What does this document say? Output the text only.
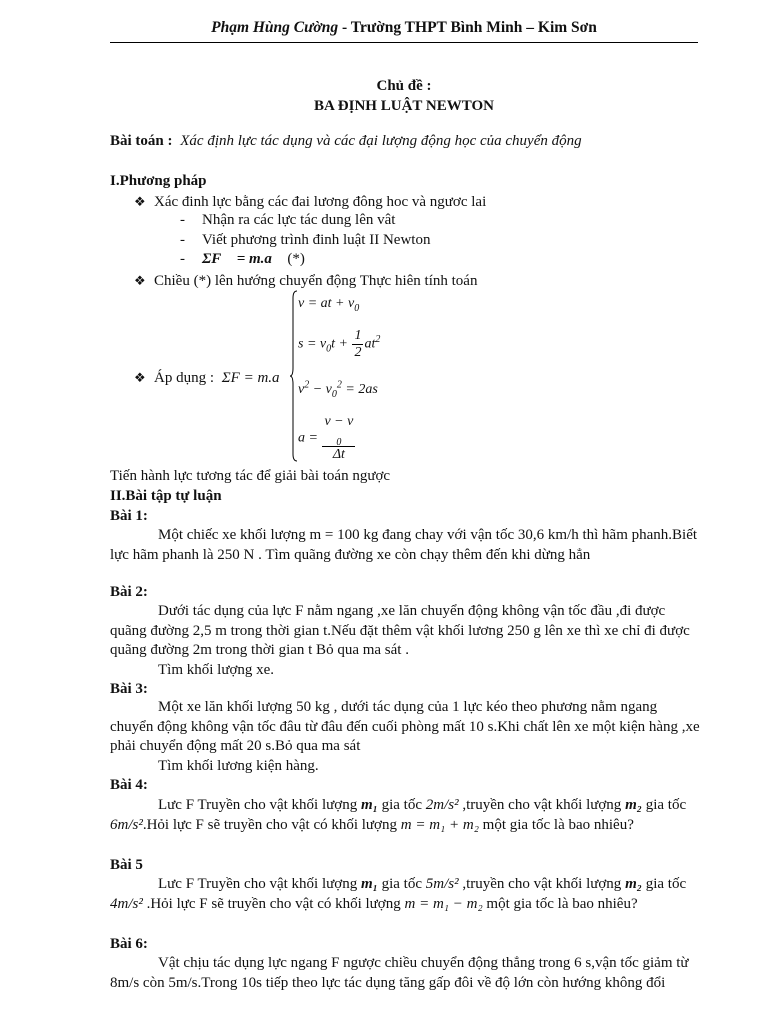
Phạm Hùng Cường - Trường THPT Bình Minh – Kim Sơn
Chủ đề :
BA ĐỊNH LUẬT NEWTON
Bài toán : Xác định lực tác dụng và các đại lượng động học của chuyển động
I.Phương pháp
❖ Xác đinh lực bằng các đai lương đông hoc và ngươc lai
- Nhận ra các lực tác dung lên vât
- Viết phương trình đinh luật II Newton
- ΣF⃗ = m.a⃗ (*)
❖ Chiều (*) lên hướng chuyển động Thực hiên tính toán
❖ Áp dụng : ΣF = m.a
v = at + $v_0$
$s = v_0t + \frac{1}{2} at^2$
$v^2 - v_0^2 = 2as$
a = v − v
$_0$
Δt
Tiến hành lực tương tác để giải bài toán ngược
II.Bài tập tự luận
Bài 1:
Một chiếc xe khối lượng m = 100 kg đang chay với vận tốc 30,6 km/h thì hãm phanh.Biết lực hãm phanh là 250 N . Tìm quãng đường xe còn chạy thêm đến khi dừng hẳn
Bài 2:
Dưới tác dụng của lực F nằm ngang ,xe lăn chuyển động không vận tốc đầu ,đi được quãng đường 2,5 m trong thời gian t.Nếu đặt thêm vật khối lương 250 g lên xe thì xe chỉ đi được quãng đường 2m trong thời gian t Bỏ qua ma sát .
Tìm khối lượng xe.
Bài 3:
Một xe lăn khối lượng 50 kg , dưới tác dụng của 1 lực kéo theo phương nằm ngang chuyển động không vận tốc đâu từ đâu đến cuối phòng mất 10 s.Khi chất lên xe một kiện hàng ,xe phải chuyển động mất 20 s.Bỏ qua ma sát
Tìm khối lương kiện hàng.
Bài 4:
Lưc F Truyền cho vật khối lượng m₁ gia tốc 2m/s² ,truyền cho vật khối lượng m₂ gia tốc 6m/s².Hỏi lực F sẽ truyền cho vật có khối lượng m = m₁ + m₂ một gia tốc là bao nhiêu?
Bài 5
Lưc F Truyền cho vật khối lượng m₁ gia tốc 5m/s² ,truyền cho vật khối lượng m₂ gia tốc 4m/s² .Hỏi lực F sẽ truyền cho vật có khối lượng m = m₁ − m₂ một gia tốc là bao nhiêu?
Bài 6:
Vật chịu tác dụng lực ngang F ngược chiều chuyển động thẳng trong 6 s,vận tốc giảm từ 8m/s còn 5m/s.Trong 10s tiếp theo lực tác dụng tăng gấp đôi về độ lớn còn hướng không đổi
